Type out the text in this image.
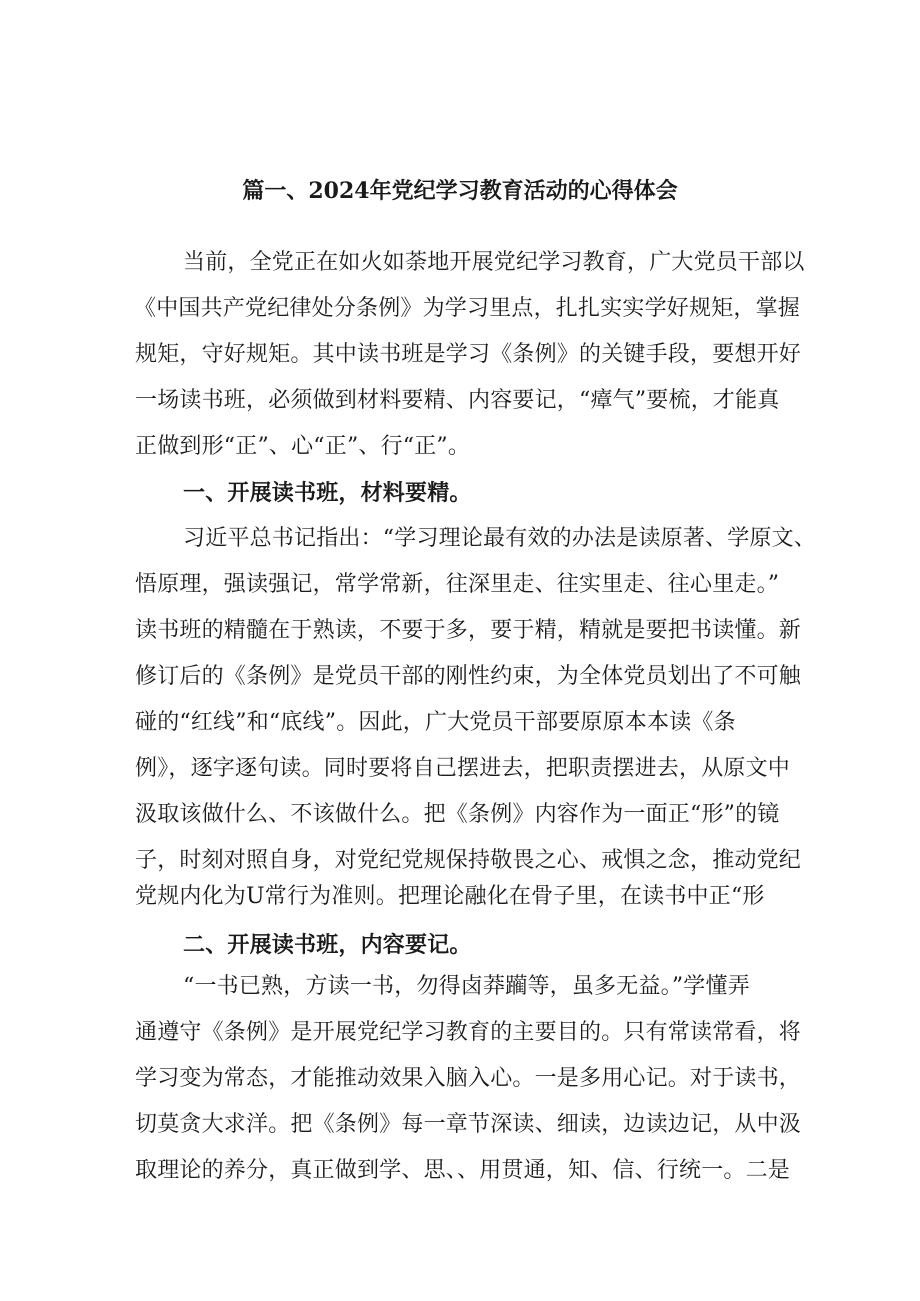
篇一、2024年党纪学习教育活动的心得体会
当前，全党正在如火如荼地开展党纪学习教育，广大党员干部以
《中国共产党纪律处分条例》为学习里点，扎扎实实学好规矩，掌握
规矩，守好规矩。其中读书班是学习《条例》的关键手段，要想开好
一场读书班，必须做到材料要精、内容要记，“瘴气”要梳，才能真
正做到形“正”、心“正”、行“正”。
一、开展读书班，材料要精。
习近平总书记指出：“学习理论最有效的办法是读原著、学原文、
悟原理，强读强记，常学常新，往深里走、往实里走、往心里走。”
读书班的精髓在于熟读，不要于多，要于精，精就是要把书读懂。新
修订后的《条例》是党员干部的刚性约束，为全体党员划出了不可触
碰的“红线”和“底线”。因此，广大党员干部要原原本本读《条
例》，逐字逐句读。同时要将自己摆进去，把职责摆进去，从原文中
汲取该做什么、不该做什么。把《条例》内容作为一面正“形”的镜
子，时刻对照自身，对党纪党规保持敬畏之心、戒惧之念，推动党纪
党规内化为U常行为准则。把理论融化在骨子里，在读书中正“形
二、开展读书班，内容要记。
“一书已熟，方读一书，勿得卤莽躏等，虽多无益。”学懂弄
通遵守《条例》是开展党纪学习教育的主要目的。只有常读常看，将
学习变为常态，才能推动效果入脑入心。一是多用心记。对于读书，
切莫贪大求洋。把《条例》每一章节深读、细读，边读边记，从中汲
取理论的养分，真正做到学、思、、用贯通，知、信、行统一。二是
